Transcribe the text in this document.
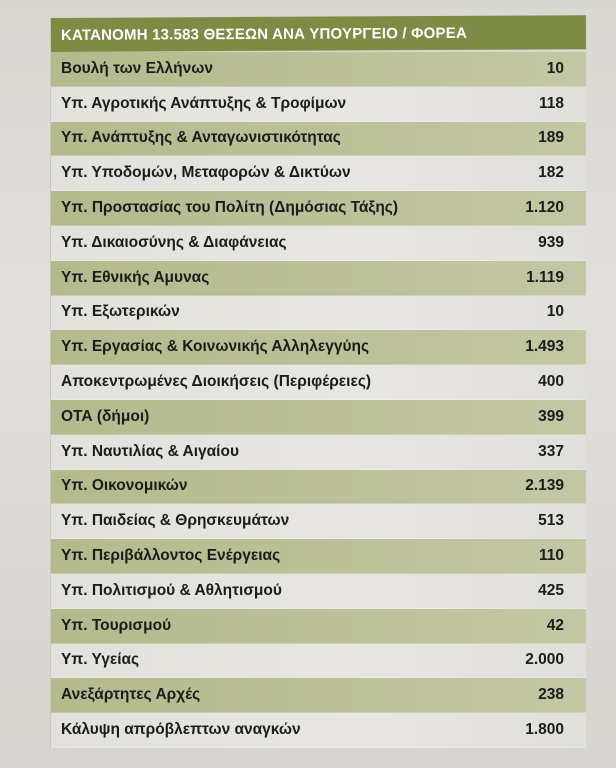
ΚΑΤΑΝΟΜΗ 13.583 ΘΕΣΕΩΝ ΑΝΑ ΥΠΟΥΡΓΕΙΟ / ΦΟΡΕΑ
Βουλή των Ελλήνων	10
Υπ. Αγροτικής Ανάπτυξης & Τροφίμων	118
Υπ. Ανάπτυξης & Ανταγωνιστικότητας	189
Υπ. Υποδομών, Μεταφορών & Δικτύων	182
Υπ. Προστασίας του Πολίτη (Δημόσιας Τάξης)	1.120
Υπ. Δικαιοσύνης & Διαφάνειας	939
Υπ. Εθνικής Αμυνας	1.119
Υπ. Εξωτερικών	10
Υπ. Εργασίας & Κοινωνικής Αλληλεγγύης	1.493
Αποκεντρωμένες Διοικήσεις (Περιφέρειες)	400
ΟΤΑ (δήμοι)	399
Υπ. Ναυτιλίας & Αιγαίου	337
Υπ. Οικονομικών	2.139
Υπ. Παιδείας & Θρησκευμάτων	513
Υπ. Περιβάλλοντος Ενέργειας	110
Υπ. Πολιτισμού & Αθλητισμού	425
Υπ. Τουρισμού	42
Υπ. Υγείας	2.000
Ανεξάρτητες Αρχές	238
Κάλυψη απρόβλεπτων αναγκών	1.800
